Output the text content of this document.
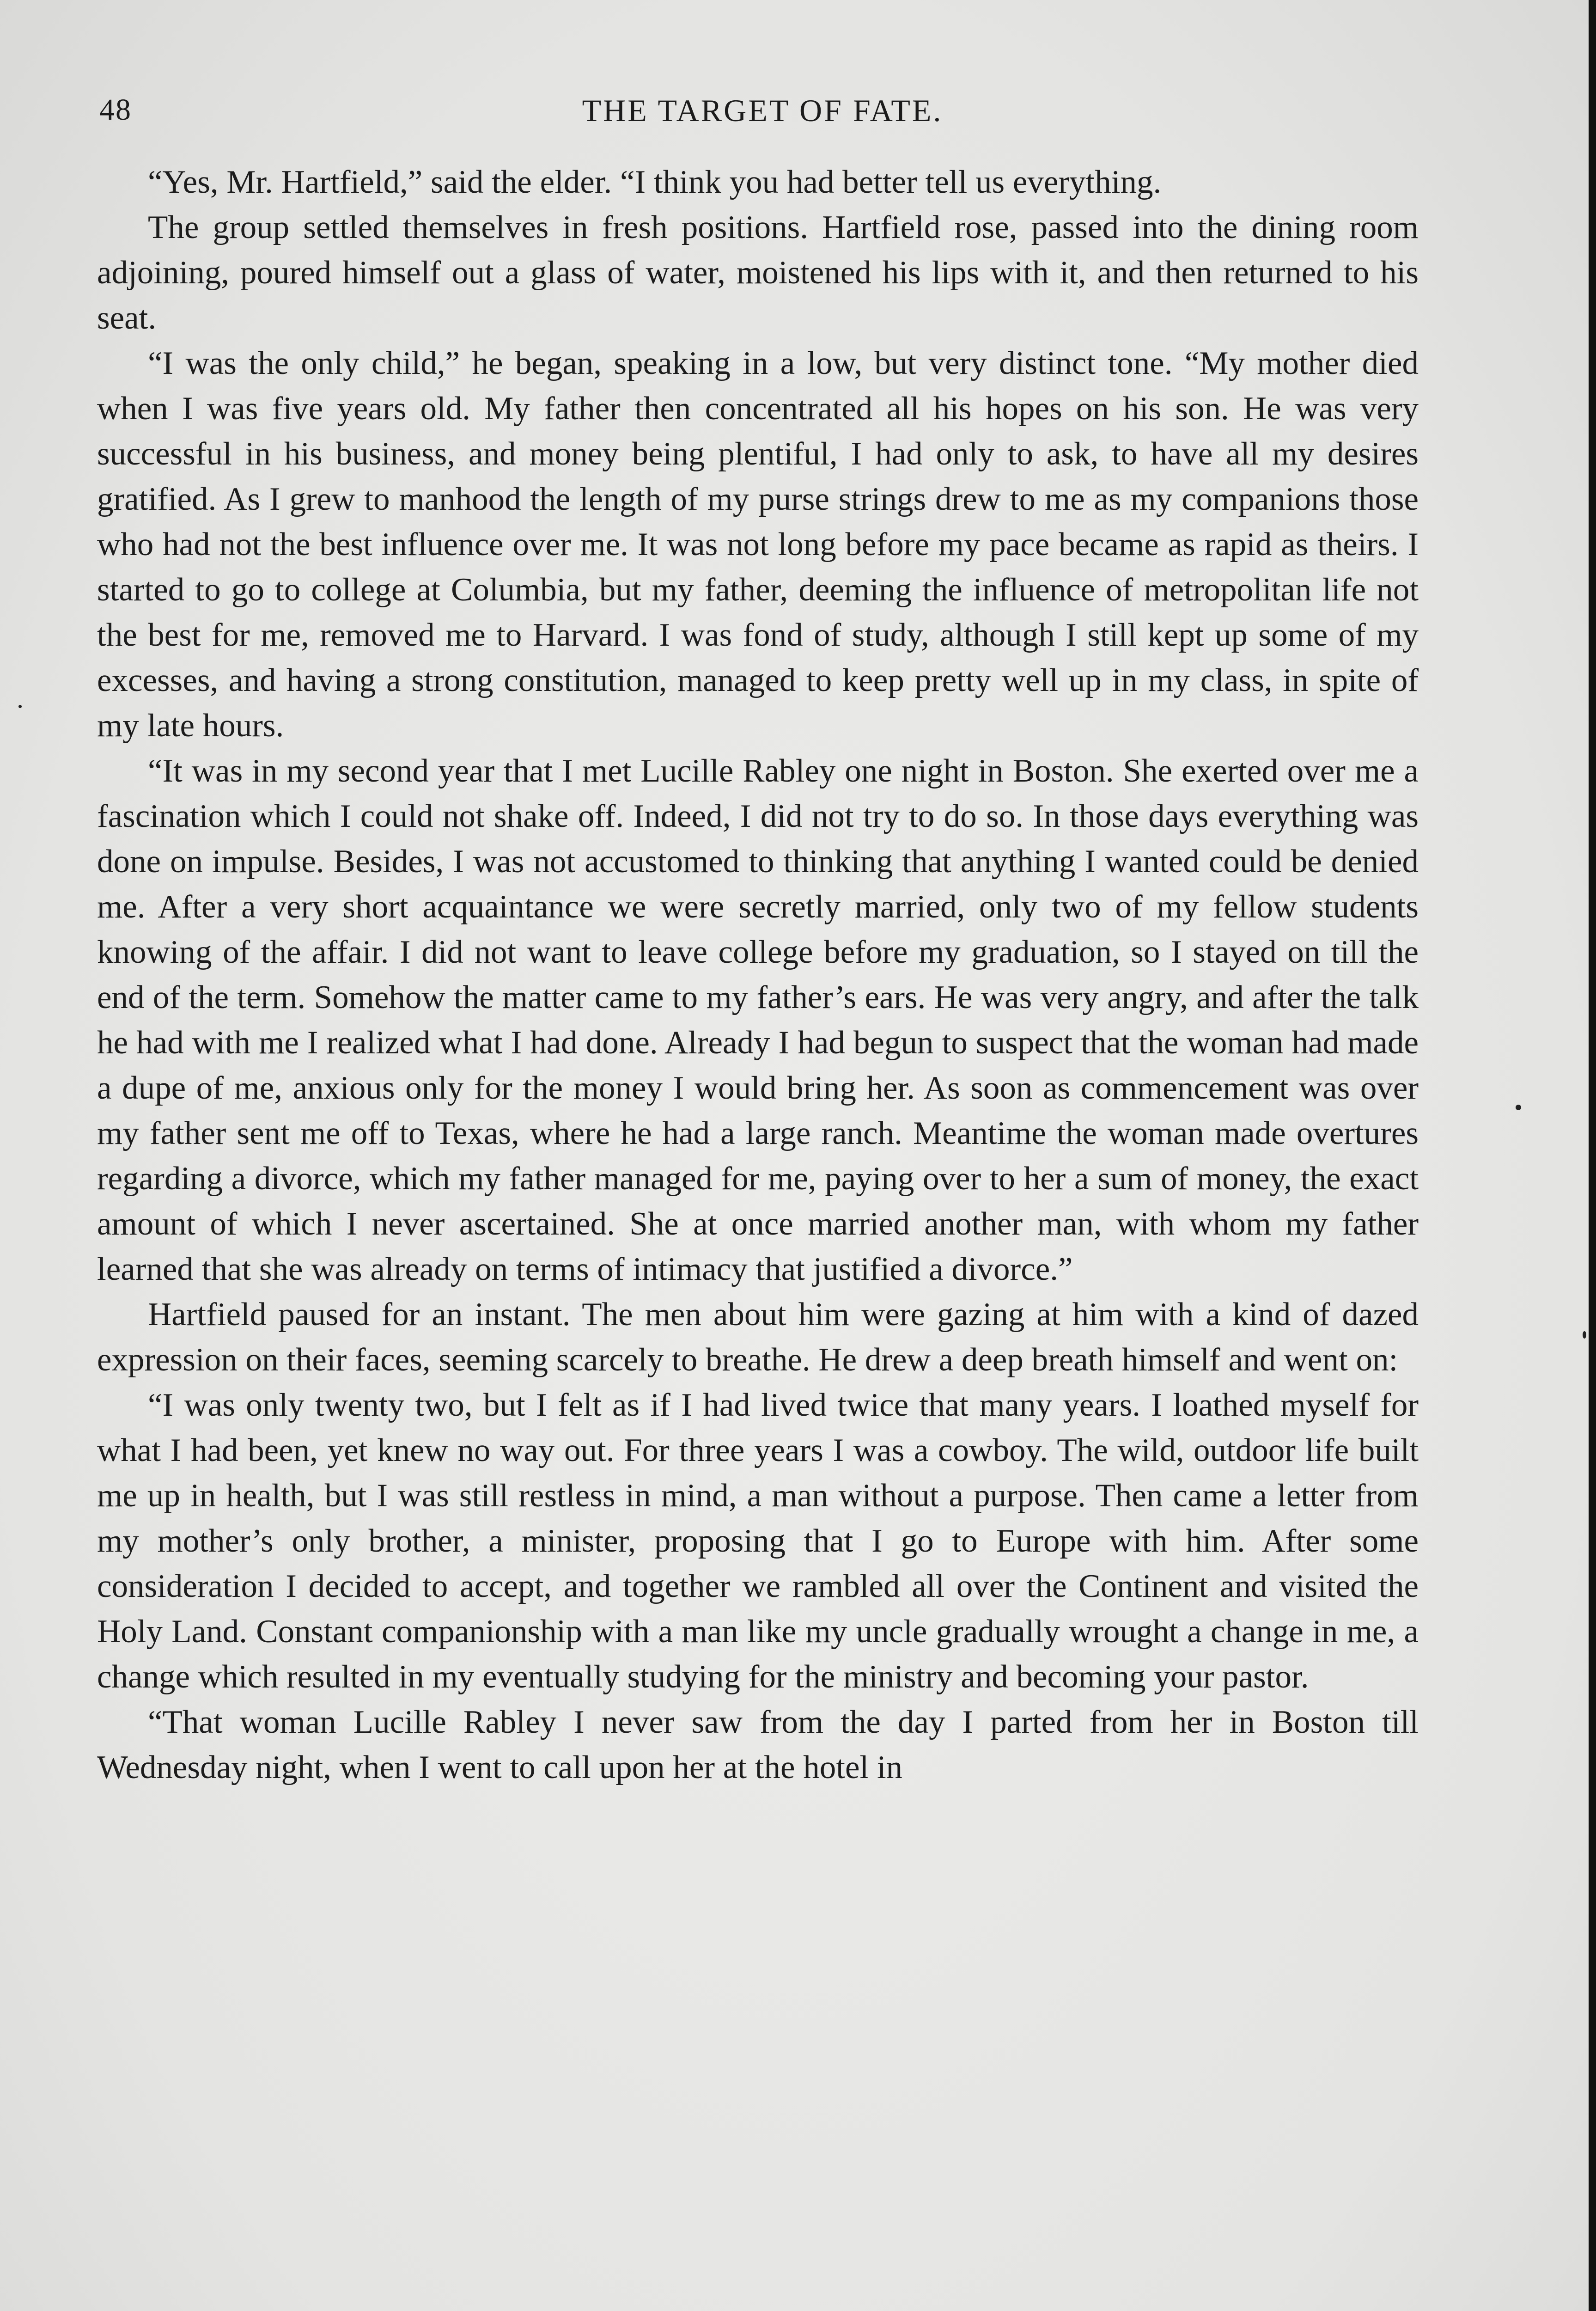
48	THE TARGET OF FATE.

“Yes, Mr. Hartfield,” said the elder. “I think you had better tell us everything.

The group settled themselves in fresh positions. Hartfield rose, passed into the dining room adjoining, poured himself out a glass of water, moistened his lips with it, and then returned to his seat.

“I was the only child,” he began, speaking in a low, but very distinct tone. “My mother died when I was five years old. My father then concentrated all his hopes on his son. He was very successful in his business, and money being plentiful, I had only to ask, to have all my desires gratified. As I grew to manhood the length of my purse strings drew to me as my companions those who had not the best influence over me. It was not long before my pace became as rapid as theirs. I started to go to college at Columbia, but my father, deeming the influence of metropolitan life not the best for me, removed me to Harvard. I was fond of study, although I still kept up some of my excesses, and having a strong constitution, managed to keep pretty well up in my class, in spite of my late hours.

“It was in my second year that I met Lucille Rabley one night in Boston. She exerted over me a fascination which I could not shake off. Indeed, I did not try to do so. In those days everything was done on impulse. Besides, I was not accustomed to thinking that anything I wanted could be denied me. After a very short acquaintance we were secretly married, only two of my fellow students knowing of the affair. I did not want to leave college before my graduation, so I stayed on till the end of the term. Somehow the matter came to my father’s ears. He was very angry, and after the talk he had with me I realized what I had done. Already I had begun to suspect that the woman had made a dupe of me, anxious only for the money I would bring her. As soon as commencement was over my father sent me off to Texas, where he had a large ranch. Meantime the woman made overtures regarding a divorce, which my father managed for me, paying over to her a sum of money, the exact amount of which I never ascertained. She at once married another man, with whom my father learned that she was already on terms of intimacy that justified a divorce.”

Hartfield paused for an instant. The men about him were gazing at him with a kind of dazed expression on their faces, seeming scarcely to breathe. He drew a deep breath himself and went on:

“I was only twenty two, but I felt as if I had lived twice that many years. I loathed myself for what I had been, yet knew no way out. For three years I was a cowboy. The wild, outdoor life built me up in health, but I was still restless in mind, a man without a purpose. Then came a letter from my mother’s only brother, a minister, proposing that I go to Europe with him. After some consideration I decided to accept, and together we rambled all over the Continent and visited the Holy Land. Constant companionship with a man like my uncle gradually wrought a change in me, a change which resulted in my eventually studying for the ministry and becoming your pastor.

“That woman Lucille Rabley I never saw from the day I parted from her in Boston till Wednesday night, when I went to call upon her at the hotel in
